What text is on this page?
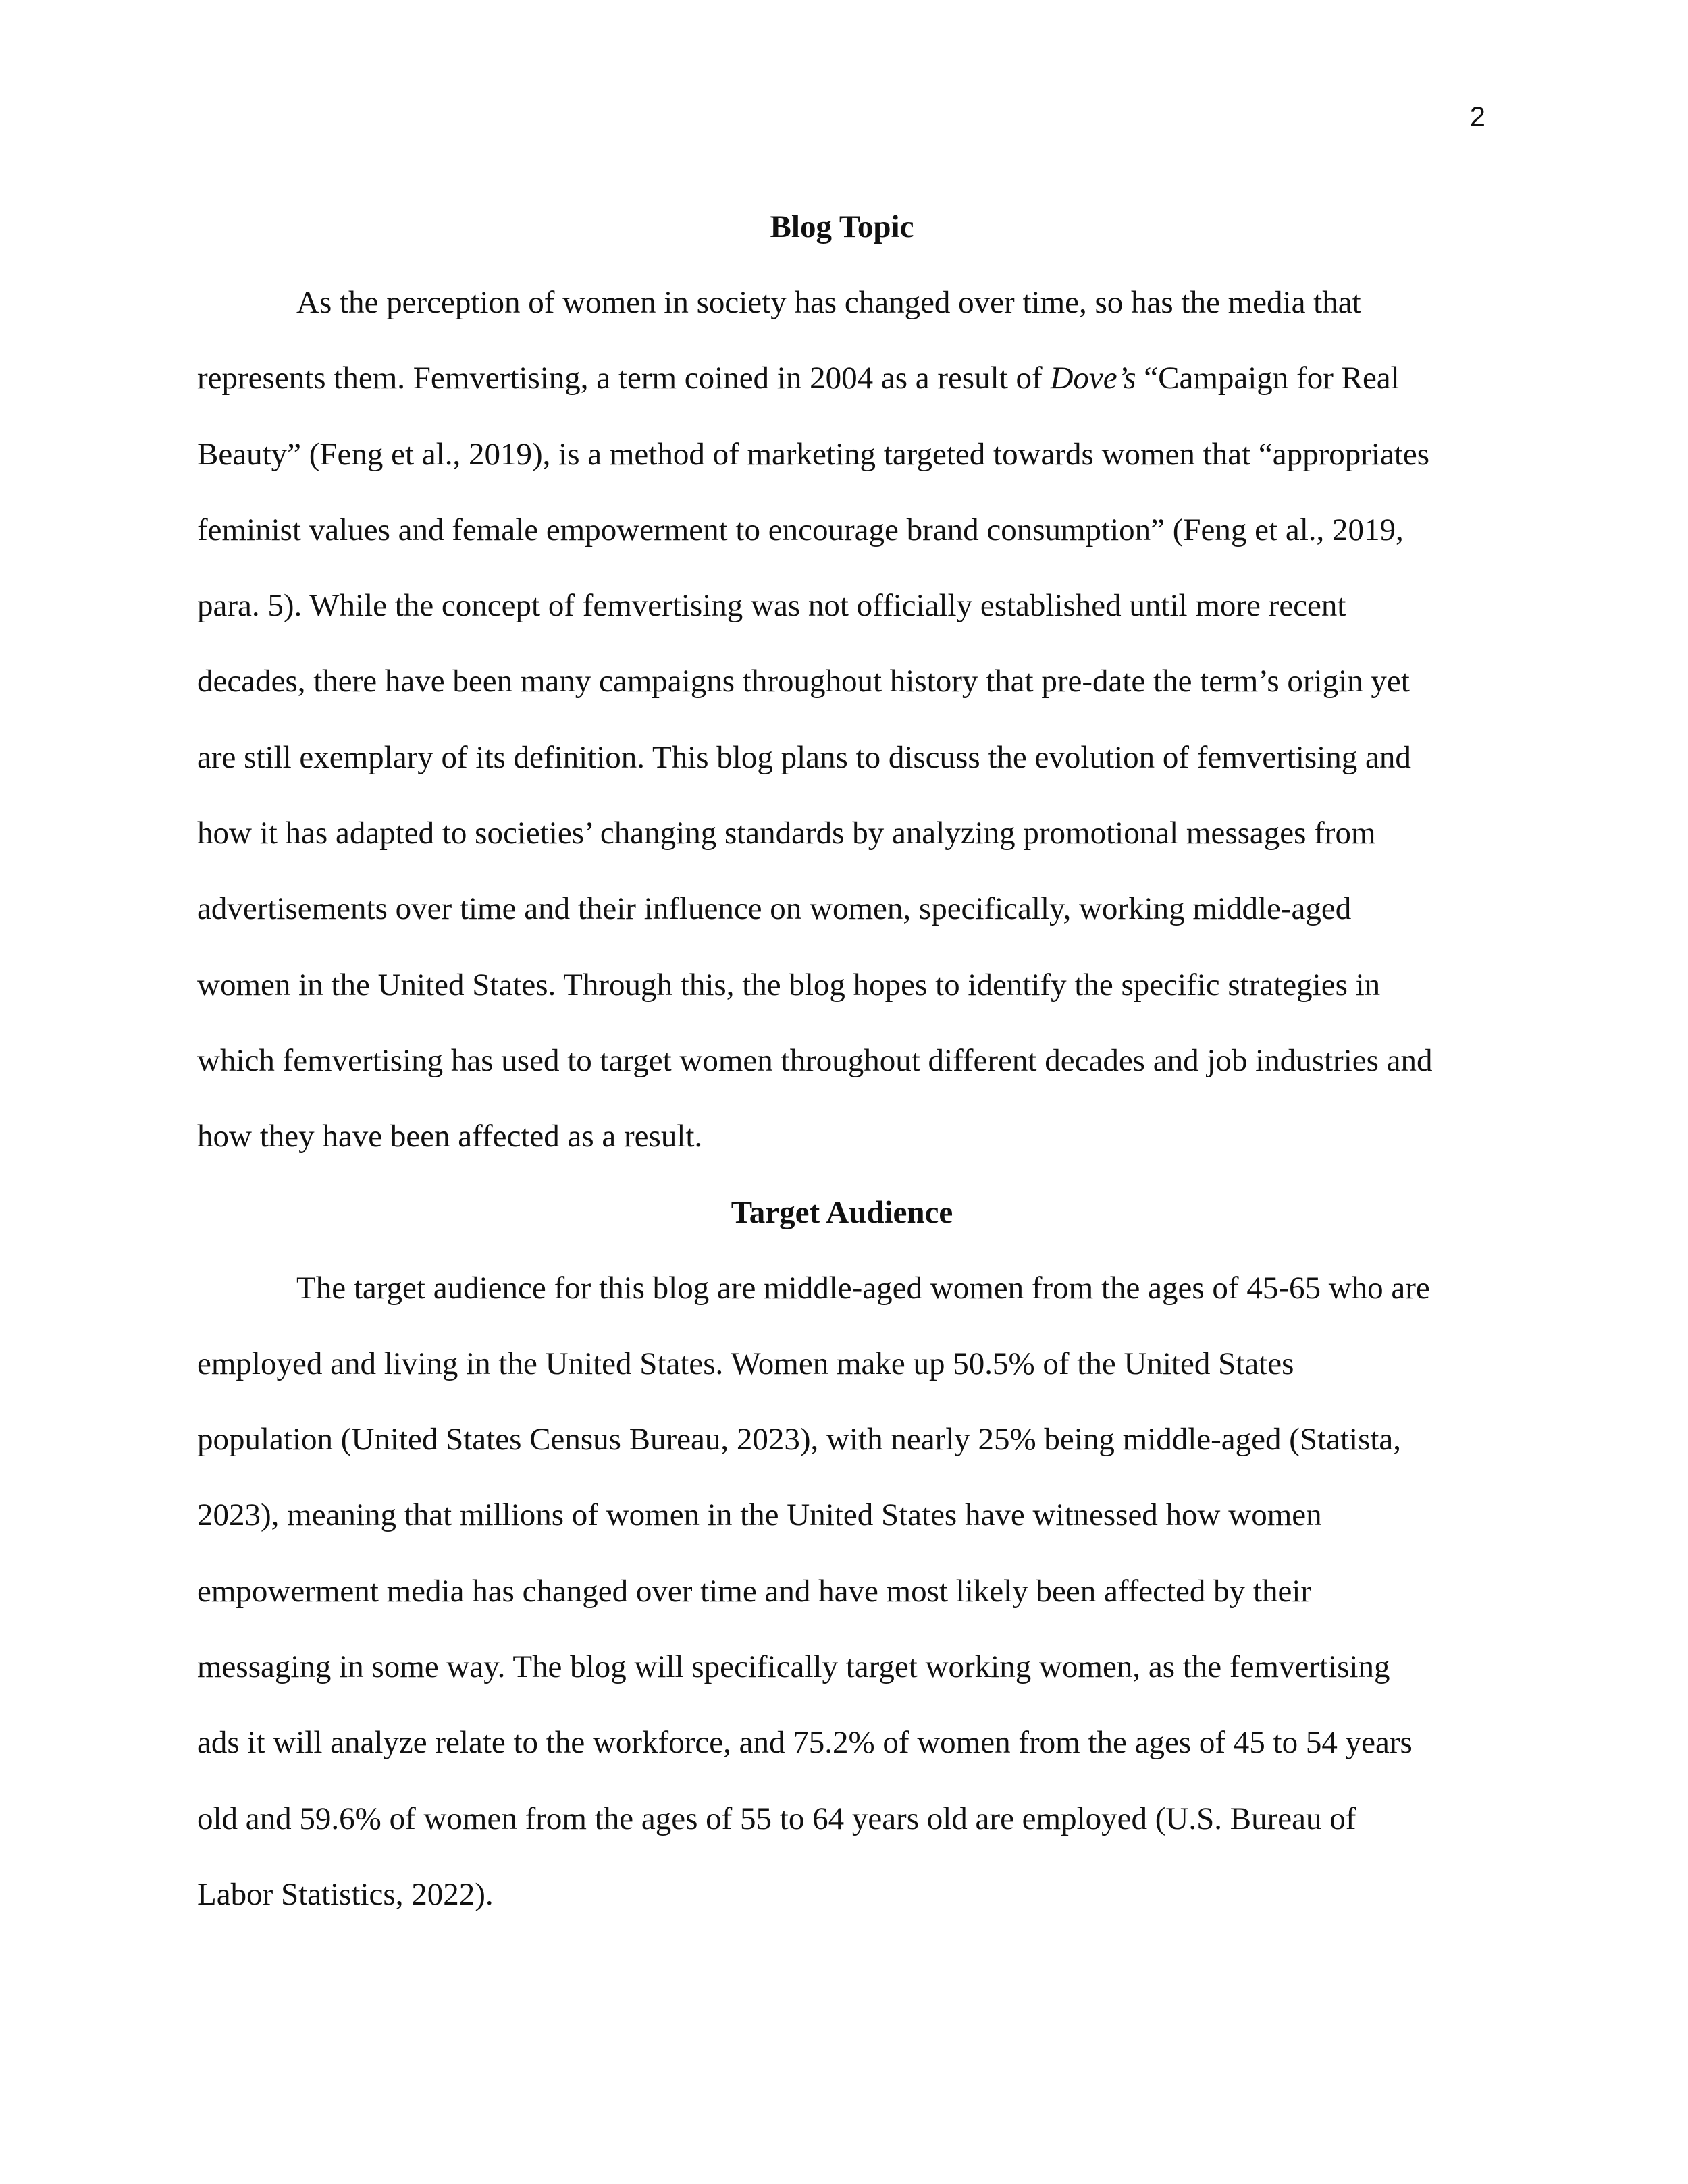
2
Blog Topic
As the perception of women in society has changed over time, so has the media that
represents them. Femvertising, a term coined in 2004 as a result of Dove’s “Campaign for Real
Beauty” (Feng et al., 2019), is a method of marketing targeted towards women that “appropriates
feminist values and female empowerment to encourage brand consumption” (Feng et al., 2019,
para. 5). While the concept of femvertising was not officially established until more recent
decades, there have been many campaigns throughout history that pre-date the term’s origin yet
are still exemplary of its definition. This blog plans to discuss the evolution of femvertising and
how it has adapted to societies’ changing standards by analyzing promotional messages from
advertisements over time and their influence on women, specifically, working middle-aged
women in the United States. Through this, the blog hopes to identify the specific strategies in
which femvertising has used to target women throughout different decades and job industries and
how they have been affected as a result.
Target Audience
The target audience for this blog are middle-aged women from the ages of 45-65 who are
employed and living in the United States. Women make up 50.5% of the United States
population (United States Census Bureau, 2023), with nearly 25% being middle-aged (Statista,
2023), meaning that millions of women in the United States have witnessed how women
empowerment media has changed over time and have most likely been affected by their
messaging in some way. The blog will specifically target working women, as the femvertising
ads it will analyze relate to the workforce, and 75.2% of women from the ages of 45 to 54 years
old and 59.6% of women from the ages of 55 to 64 years old are employed (U.S. Bureau of
Labor Statistics, 2022).
